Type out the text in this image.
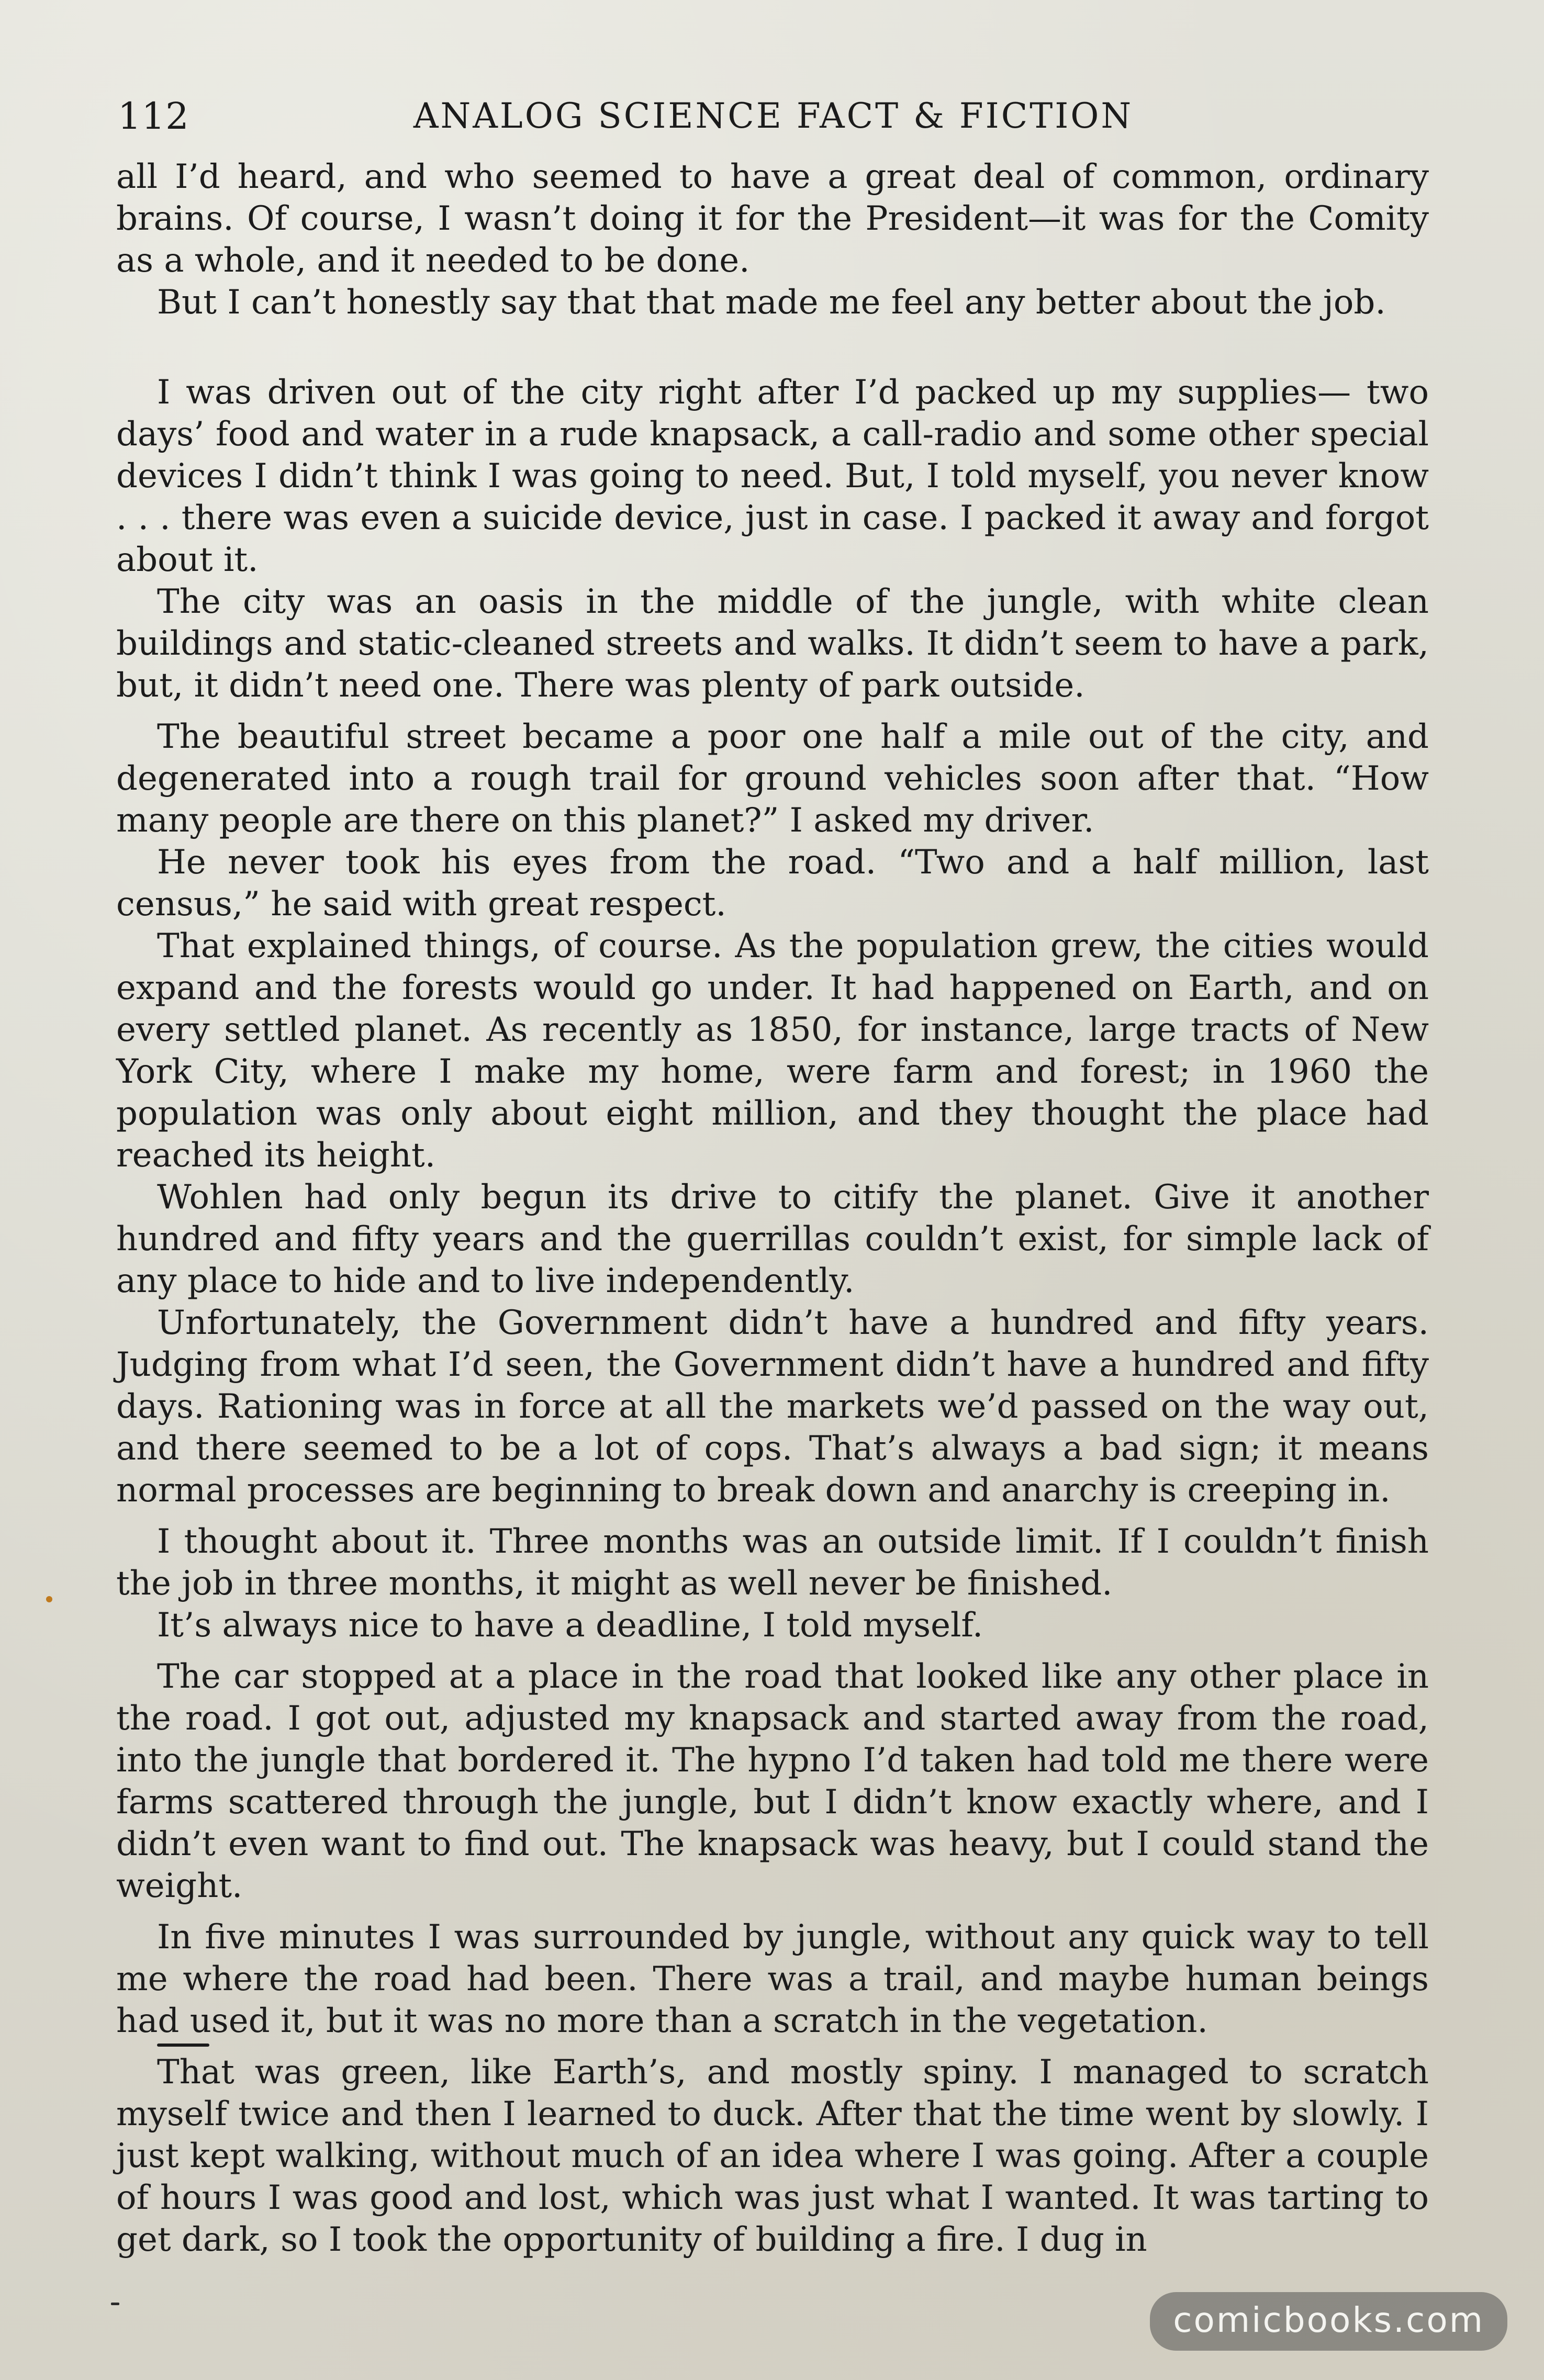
112	ANALOG SCIENCE FACT & FICTION

all I’d heard, and who seemed to have a great deal of common, ordinary brains. Of course, I wasn’t doing it for the President—it was for the Comity as a whole, and it needed to be done.

But I can’t honestly say that that made me feel any better about the job.

I was driven out of the city right after I’d packed up my supplies— two days’ food and water in a rude knapsack, a call-radio and some other special devices I didn’t think I was going to need. But, I told myself, you never know . . . there was even a suicide device, just in case. I packed it away and forgot about it.

The city was an oasis in the middle of the jungle, with white clean buildings and static-cleaned streets and walks. It didn’t seem to have a park, but, it didn’t need one. There was plenty of park outside.

The beautiful street became a poor one half a mile out of the city, and degenerated into a rough trail for ground vehicles soon after that. “How many people are there on this planet?” I asked my driver.

He never took his eyes from the road. “Two and a half million, last census,” he said with great respect.

That explained things, of course. As the population grew, the cities would expand and the forests would go under. It had happened on Earth, and on every settled planet. As recently as 1850, for instance, large tracts of New York City, where I make my home, were farm and forest; in 1960 the population was only about eight million, and they thought the place had reached its height.

Wohlen had only begun its drive to citify the planet. Give it another hundred and fifty years and the guerrillas couldn’t exist, for simple lack of any place to hide and to live independently.

Unfortunately, the Government didn’t have a hundred and fifty years. Judging from what I’d seen, the Government didn’t have a hundred and fifty days. Rationing was in force at all the markets we’d passed on the way out, and there seemed to be a lot of cops. That’s always a bad sign; it means normal processes are beginning to break down and anarchy is creeping in.

I thought about it. Three months was an outside limit. If I couldn’t finish the job in three months, it might as well never be finished.

It’s always nice to have a deadline, I told myself.

The car stopped at a place in the road that looked like any other place in the road. I got out, adjusted my knapsack and started away from the road, into the jungle that bordered it. The hypno I’d taken had told me there were farms scattered through the jungle, but I didn’t know exactly where, and I didn’t even want to find out. The knapsack was heavy, but I could stand the weight.

In five minutes I was surrounded by jungle, without any quick way to tell me where the road had been. There was a trail, and maybe human beings had used it, but it was no more than a scratch in the vegetation.

That was green, like Earth’s, and mostly spiny. I managed to scratch myself twice and then I learned to duck. After that the time went by slowly. I just kept walking, without much of an idea where I was going. After a couple of hours I was good and lost, which was just what I wanted. It was tarting to get dark, so I took the opportunity of building a fire. I dug in

comicbooks.com
